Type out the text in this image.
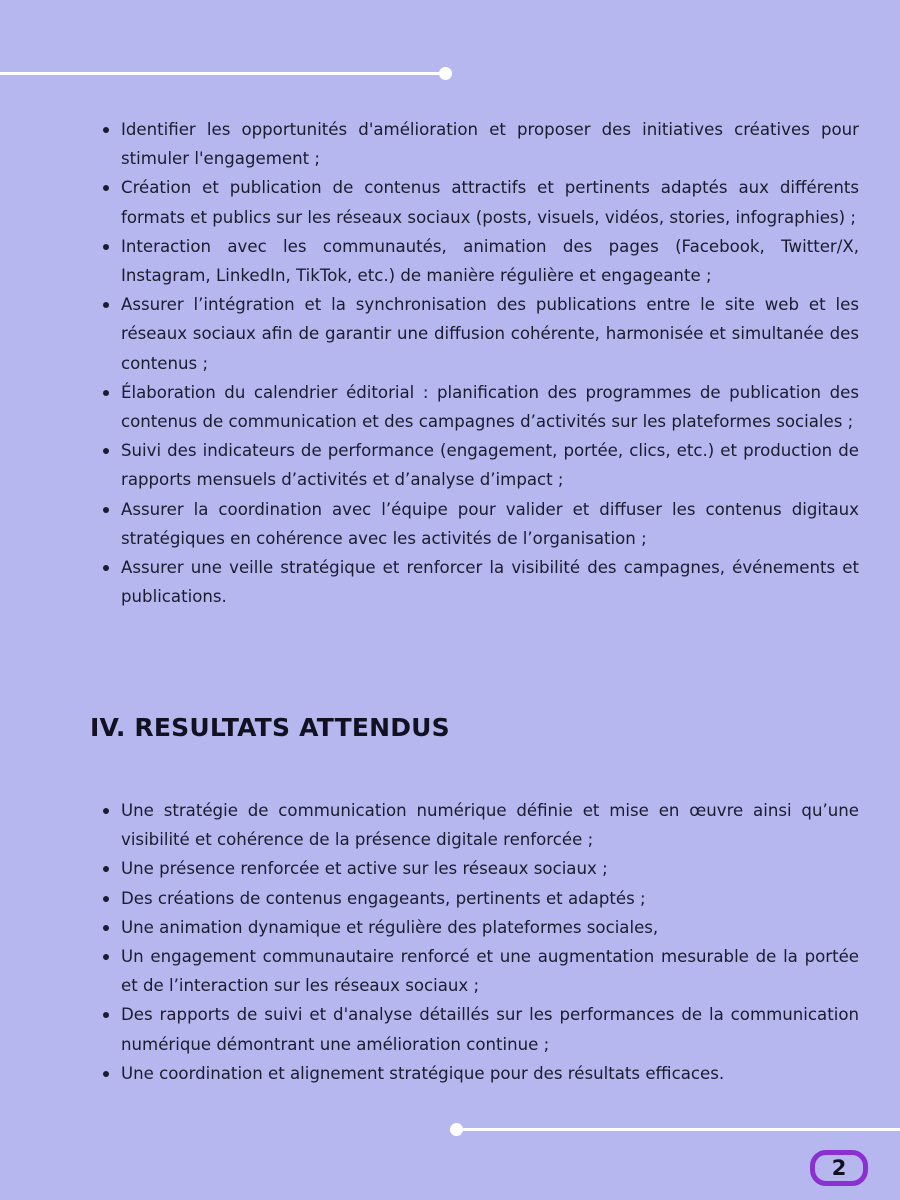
Identifier les opportunités d'amélioration et proposer des initiatives créatives pour stimuler l'engagement ;
Création et publication de contenus attractifs et pertinents adaptés aux différents formats et publics sur les réseaux sociaux (posts, visuels, vidéos, stories, infographies) ;
Interaction avec les communautés, animation des pages (Facebook, Twitter/X, Instagram, LinkedIn, TikTok, etc.) de manière régulière et engageante ;
Assurer l’intégration et la synchronisation des publications entre le site web et les réseaux sociaux afin de garantir une diffusion cohérente, harmonisée et simultanée des contenus ;
Élaboration du calendrier éditorial : planification des programmes de publication des contenus de communication et des campagnes d’activités sur les plateformes sociales ;
Suivi des indicateurs de performance (engagement, portée, clics, etc.) et production de rapports mensuels d’activités et d’analyse d’impact ;
Assurer la coordination avec l’équipe pour valider et diffuser les contenus digitaux stratégiques en cohérence avec les activités de l’organisation ;
Assurer une veille stratégique et renforcer la visibilité des campagnes, événements et publications.
IV. RESULTATS ATTENDUS
Une stratégie de communication numérique définie et mise en œuvre ainsi qu’une visibilité et cohérence de la présence digitale renforcée ;
Une présence renforcée et active sur les réseaux sociaux ;
Des créations de contenus engageants, pertinents et adaptés ;
Une animation dynamique et régulière des plateformes sociales,
Un engagement communautaire renforcé et une augmentation mesurable de la portée et de l’interaction sur les réseaux sociaux ;
Des rapports de suivi et d'analyse détaillés sur les performances de la communication numérique démontrant une amélioration continue ;
Une coordination et alignement stratégique pour des résultats efficaces.
2
